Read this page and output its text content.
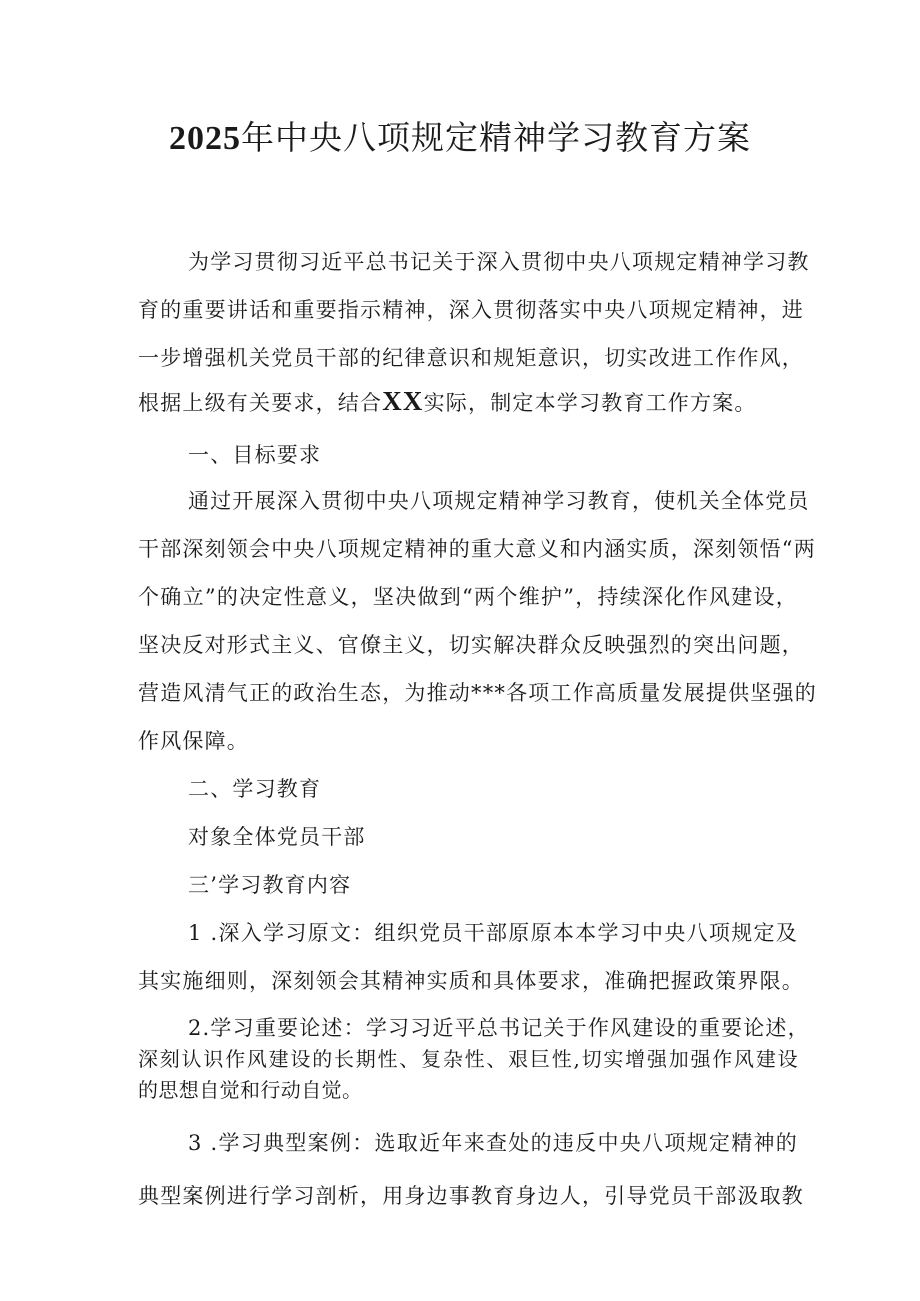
2025年中央八项规定精神学习教育方案
为学习贯彻习近平总书记关于深入贯彻中央八项规定精神学习教
育的重要讲话和重要指示精神，深入贯彻落实中央八项规定精神，进
一步增强机关党员干部的纪律意识和规矩意识，切实改进工作作风，
根据上级有关要求，结合XX实际，制定本学习教育工作方案。
一、目标要求
通过开展深入贯彻中央八项规定精神学习教育，使机关全体党员
干部深刻领会中央八项规定精神的重大意义和内涵实质，深刻领悟“两
个确立”的决定性意义，坚决做到“两个维护”，持续深化作风建设，
坚决反对形式主义、官僚主义，切实解决群众反映强烈的突出问题，
营造风清气正的政治生态，为推动***各项工作高质量发展提供坚强的
作风保障。
二、学习教育
对象全体党员干部
三’学习教育内容
1 .深入学习原文：组织党员干部原原本本学习中央八项规定及
其实施细则，深刻领会其精神实质和具体要求，准确把握政策界限。
2.学习重要论述：学习习近平总书记关于作风建设的重要论述，
深刻认识作风建设的长期性、复杂性、艰巨性,切实增强加强作风建设
的思想自觉和行动自觉。
3 .学习典型案例：选取近年来查处的违反中央八项规定精神的
典型案例进行学习剖析，用身边事教育身边人，引导党员干部汲取教
